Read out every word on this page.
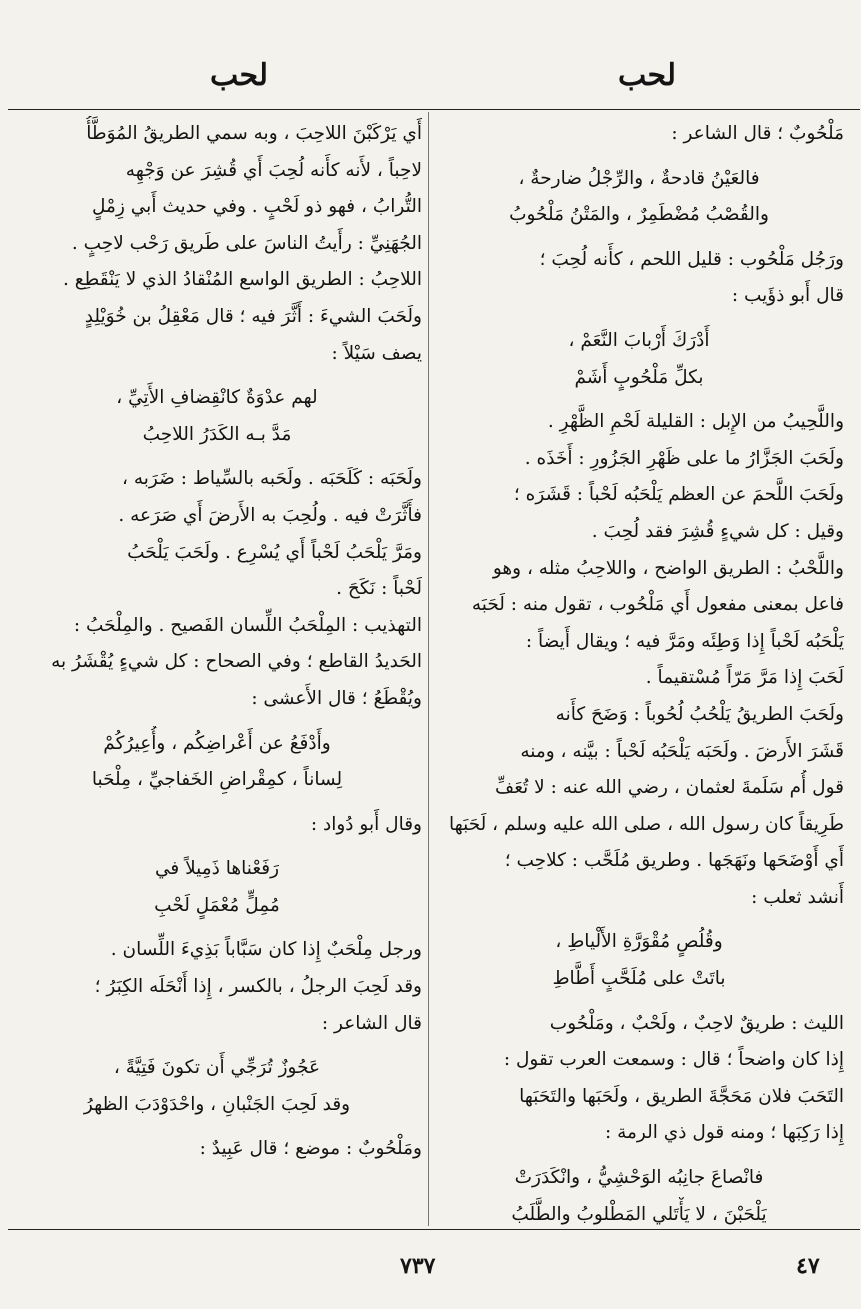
لحب	لحب
مَلْحُوبٌ ؛ قال الشاعر :
فالعَيْنُ قادحةٌ ، والرِّجْلُ ضارحةٌ ،
والقُصْبُ مُضْطَمِرٌ ، والمَتْنُ مَلْحُوبُ
ورَجُل مَلْحُوب : قليل اللحم ، كأَنه لُحِبَ ؛
قال أَبو ذؤَيب :
أَدْرَكَ أَرْبابَ النَّعَمْ ،
بكلِّ مَلْحُوبٍ أَشَمْ
واللَّحِيبُ من الإِبل : القليلة لَحْمِ الظَّهْرِ .
ولَحَبَ الجَزَّارُ ما على ظَهْرِ الجَزُورِ : أَخَذَه .
ولَحَبَ اللَّحمَ عن العظم يَلْحَبُه لَحْباً : قَشَرَه ؛
وقيل : كل شيءٍ قُشِرَ فقد لُحِبَ .
واللَّحْبُ : الطريق الواضح ، واللاحِبُ مثله ، وهو
فاعل بمعنى مفعول أَي مَلْحُوب ، تقول منه : لَحَبَه
يَلْحَبُه لَحْباً إِذا وَطِئَه ومَرَّ فيه ؛ ويقال أَيضاً :
لَحَبَ إِذا مَرَّ مَرّاً مُسْتقيماً .
ولَحَبَ الطريقُ يَلْحُبُ لُحُوباً : وَضَحَ كأَنه
قَشَرَ الأَرضَ . ولَحَبَه يَلْحَبُه لَحْباً : بيَّنه ، ومنه
قول أُم سَلَمةَ لعثمان ، رضي الله عنه : لا تُعَفِّ
طَرِيقاً كان رسول الله ، صلى الله عليه وسلم ، لَحَبَها
أَي أَوْضَحَها ونَهَجَها . وطريق مُلَحَّب : كلاحِب ؛
أَنشد ثعلب :
وقُلُصٍ مُقْوَرَّةِ الأَلْياطِ ،
باتَتْ على مُلَحَّبٍ أَطَّاطِ
الليث : طريقٌ لاحِبٌ ، ولَحْبٌ ، ومَلْحُوب
إِذا كان واضحاً ؛ قال : وسمعت العرب تقول :
التَحَبَ فلان مَحَجَّةَ الطريق ، ولَحَبَها والتَحَبَها
إِذا رَكِبَها ؛ ومنه قول ذي الرمة :
فانْصاعَ جانِبُه الوَحْشِيُّ ، وانْكَدَرَتْ
يَلْحَبْنَ ، لا يَأْتَلي المَطْلوبُ والطَّلَبُ
أَي يَرْكَبْنَ اللاحِبَ ، وبه سمي الطريقُ المُوَطَّأُ
لاحِباً ، لأَنه كأَنه لُحِبَ أَي قُشِرَ عن وَجْهِه
التُّرابُ ، فهو ذو لَحْبٍ . وفي حديث أَبي زِمْلٍ
الجُهَنِيِّ : رأَيتُ الناسَ على طَريق رَحْب لاحِبٍ .
اللاحِبُ : الطريق الواسع المُنْقادُ الذي لا يَنْقَطِع .
ولَحَبَ الشيءَ : أَثَّرَ فيه ؛ قال مَعْقِلُ بن خُوَيْلِدٍ
يصف سَيْلاً :
لهم عدْوَةٌ كانْقِضافِ الأَتِيِّ ،
مَدَّ بـه الكَدَرُ اللاحِبُ
ولَحَبَه : كَلَحَبَه . ولَحَبه بالسِّياط : ضَرَبه ،
فأَثَّرَتْ فيه . ولُحِبَ به الأَرضَ أَي صَرَعه .
ومَرَّ يَلْحَبُ لَحْباً أَي يُسْرِع . ولَحَبَ يَلْحَبُ
لَحْباً : نَكَحَ .
التهذيب : المِلْحَبُ اللِّسان الفَصيح . والمِلْحَبُ :
الحَديدُ القاطع ؛ وفي الصحاح : كل شيءٍ يُقْشَرُ به
ويُقْطَعُ ؛ قال الأَعشى :
وأَدْفَعُ عن أَعْراضِكُم ، وأُعِيرُكُمْ
لِساناً ، كمِقْراضِ الخَفاجيِّ ، مِلْحَبا
وقال أَبو دُواد :
رَفَعْناها ذَمِيلاً في
مُمِلٍّ مُعْمَلٍ لَحْبِ
ورجل مِلْحَبٌ إِذا كان سَبَّاباً بَذِيءَ اللِّسان .
وقد لَحِبَ الرجلُ ، بالكسر ، إِذا أَنْحَلَه الكِبَرُ ؛
قال الشاعر :
عَجُوزٌ تُرَجِّي أَن تكونَ فَتِيَّةً ،
وقد لَحِبَ الجَنْبانِ ، واحْدَوْدَبَ الظهرُ
ومَلْحُوبٌ : موضع ؛ قال عَبِيدٌ :
٧٣٧	٤٧
